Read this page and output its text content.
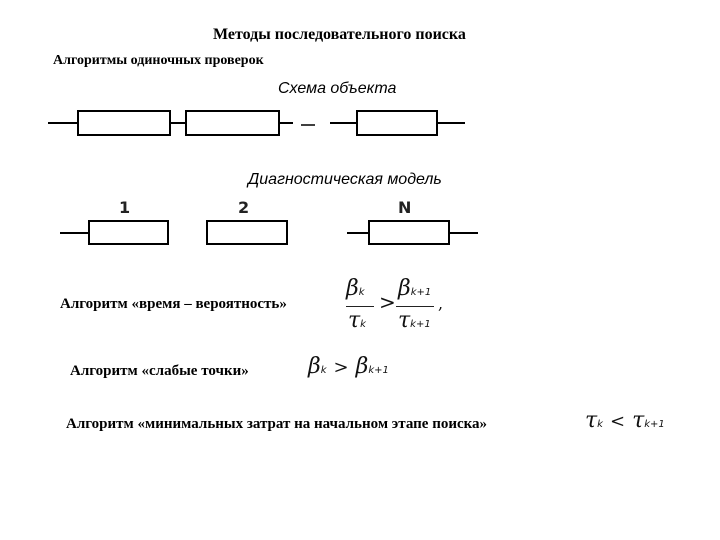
Методы последовательного поиска
Алгоритмы одиночных проверок
Схема объекта
Диагностическая модель
1	2	N
Алгоритм «время – вероятность»
βk
τk
>
βk+1
τk+1
,
Алгоритм «слабые точки»	βk > βk+1
Алгоритм «минимальных затрат на начальном этапе поиска»	τk < τk+1
